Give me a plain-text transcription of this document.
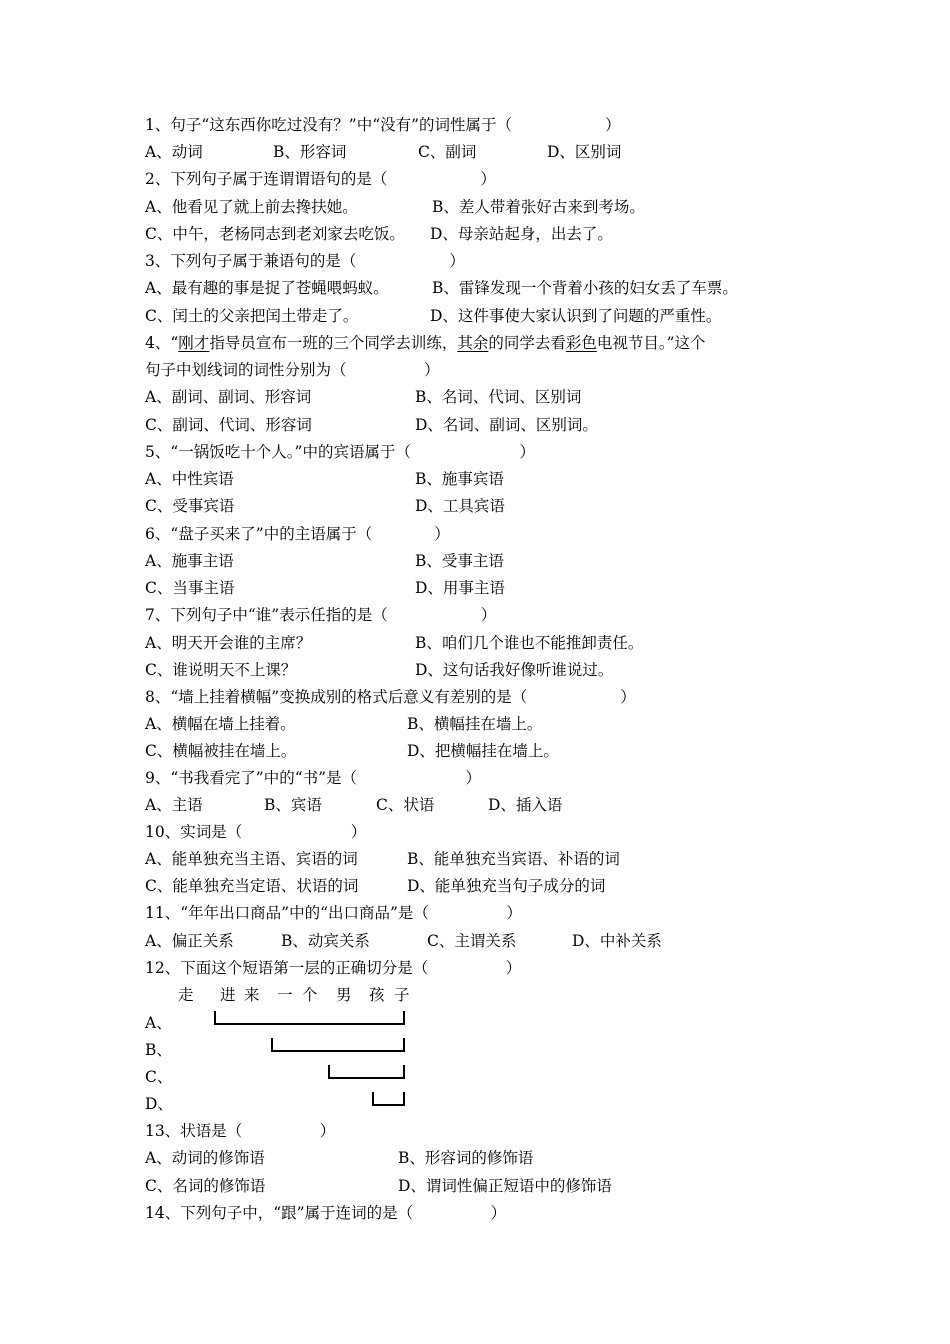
1、句子“这东西你吃过没有？”中“没有”的词性属于（　　　　　　）
A、动词	B、形容词	C、副词	D、区别词
2、下列句子属于连谓谓语句的是（　　　　　　）
A、他看见了就上前去搀扶她。	B、差人带着张好古来到考场。
C、中午，老杨同志到老刘家去吃饭。 D、母亲站起身，出去了。
3、下列句子属于兼语句的是（　　　　　　）
A、最有趣的事是捉了苍蝇喂蚂蚁。	B、雷锋发现一个背着小孩的妇女丢了车票。
C、闰土的父亲把闰土带走了。	D、这件事使大家认识到了问题的严重性。
4、“刚才指导员宣布一班的三个同学去训练，其余的同学去看彩色电视节目。”这个
句子中划线词的词性分别为（　　　　　）
A、副词、副词、形容词	B、名词、代词、区别词
C、副词、代词、形容词	D、名词、副词、区别词。
5、“一锅饭吃十个人。”中的宾语属于（　　　　　　　）
A、中性宾语	B、施事宾语
C、受事宾语	D、工具宾语
6、“盘子买来了”中的主语属于（　　　　）
A、施事主语	B、受事主语
C、当事主语	D、用事主语
7、下列句子中“谁”表示任指的是（　　　　　　）
A、明天开会谁的主席？	B、咱们几个谁也不能推卸责任。
C、谁说明天不上课？	D、这句话我好像听谁说过。
8、“墙上挂着横幅”变换成别的格式后意义有差别的是（　　　　　　）
A、横幅在墙上挂着。	B、横幅挂在墙上。
C、横幅被挂在墙上。	D、把横幅挂在墙上。
9、“书我看完了”中的“书”是（　　　　　　　）
A、主语	B、宾语	C、状语	D、插入语
10、实词是（　　　　　　　）
A、能单独充当主语、宾语的词	B、能单独充当宾语、补语的词
C、能单独充当定语、状语的词	D、能单独充当句子成分的词
11、“年年出口商品”中的“出口商品”是（　　　　　）
A、偏正关系	B、动宾关系	C、主谓关系	D、中补关系
12、下面这个短语第一层的正确切分是（　　　　　）
走 进 来 一 个 男 孩 子
A、
B、
C、
D、
13、状语是（　　　　　）
A、动词的修饰语	B、形容词的修饰语
C、名词的修饰语	D、谓词性偏正短语中的修饰语
14、下列句子中，“跟”属于连词的是（　　　　　）
